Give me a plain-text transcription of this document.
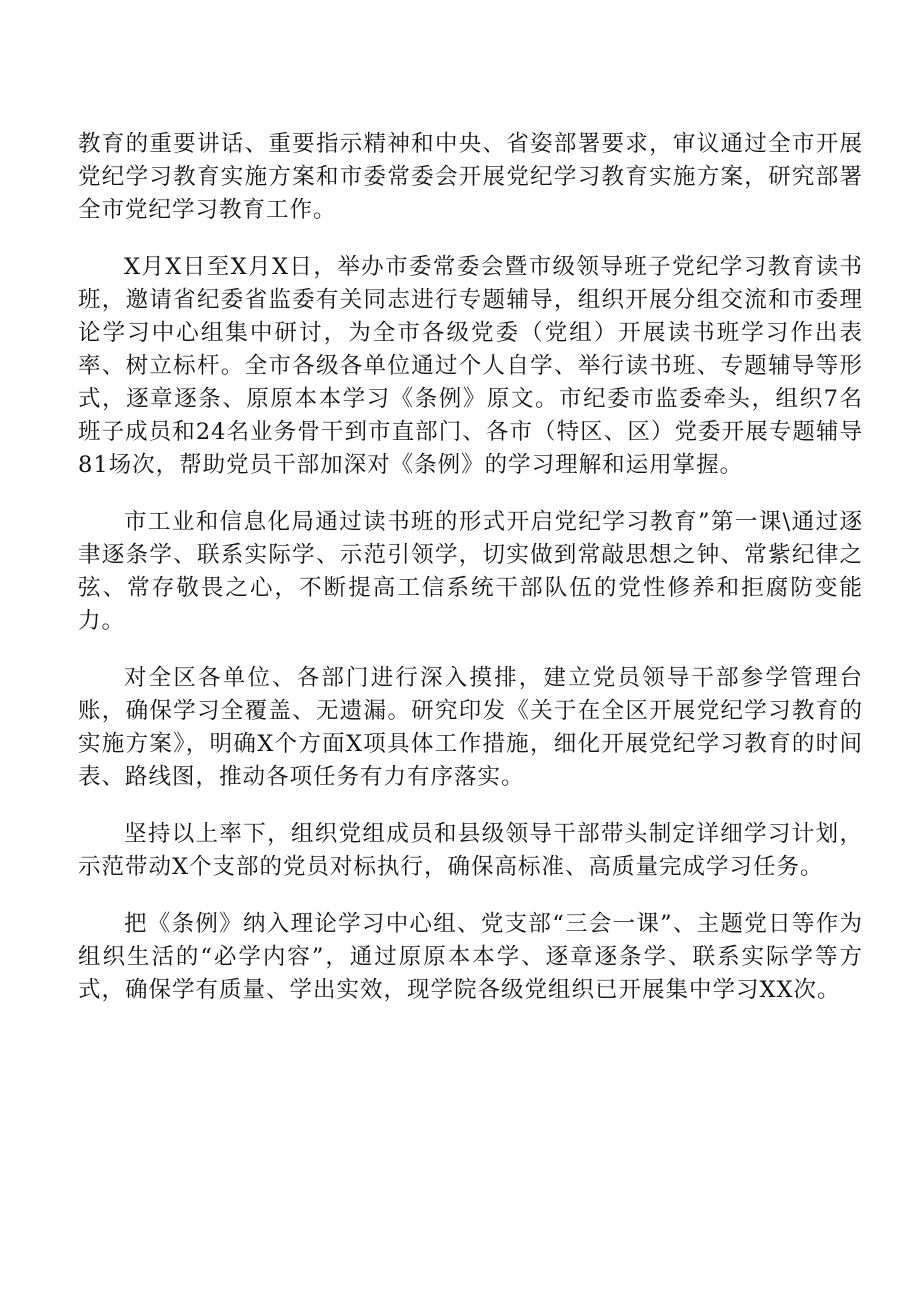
教育的重要讲话、重要指示精神和中央、省姿部署要求，审议通过全市开展党纪学习教育实施方案和市委常委会开展党纪学习教育实施方案，研究部署全市党纪学习教育工作。

X月X日至X月X日，举办市委常委会暨市级领导班子党纪学习教育读书班，邀请省纪委省监委有关同志进行专题辅导，组织开展分组交流和市委理论学习中心组集中研讨，为全市各级党委（党组）开展读书班学习作出表率、树立标杆。全市各级各单位通过个人自学、举行读书班、专题辅导等形式，逐章逐条、原原本本学习《条例》原文。市纪委市监委牵头，组织7名班子成员和24名业务骨干到市直部门、各市（特区、区）党委开展专题辅导81场次，帮助党员干部加深对《条例》的学习理解和运用掌握。

市工业和信息化局通过读书班的形式开启党纪学习教育”第一课\通过逐聿逐条学、联系实际学、示范引领学，切实做到常敲思想之钟、常紫纪律之弦、常存敬畏之心，不断提高工信系统干部队伍的党性修养和拒腐防变能力。

对全区各单位、各部门进行深入摸排，建立党员领导干部参学管理台账，确保学习全覆盖、无遗漏。研究印发《关于在全区开展党纪学习教育的实施方案》，明确X个方面X项具体工作措施，细化开展党纪学习教育的时间表、路线图，推动各项任务有力有序落实。

坚持以上率下，组织党组成员和县级领导干部带头制定详细学习计划，示范带动X个支部的党员对标执行，确保高标准、高质量完成学习任务。

把《条例》纳入理论学习中心组、党支部“三会一课”、主题党日等作为组织生活的“必学内容”，通过原原本本学、逐章逐条学、联系实际学等方式，确保学有质量、学出实效，现学院各级党组织已开展集中学习XX次。
